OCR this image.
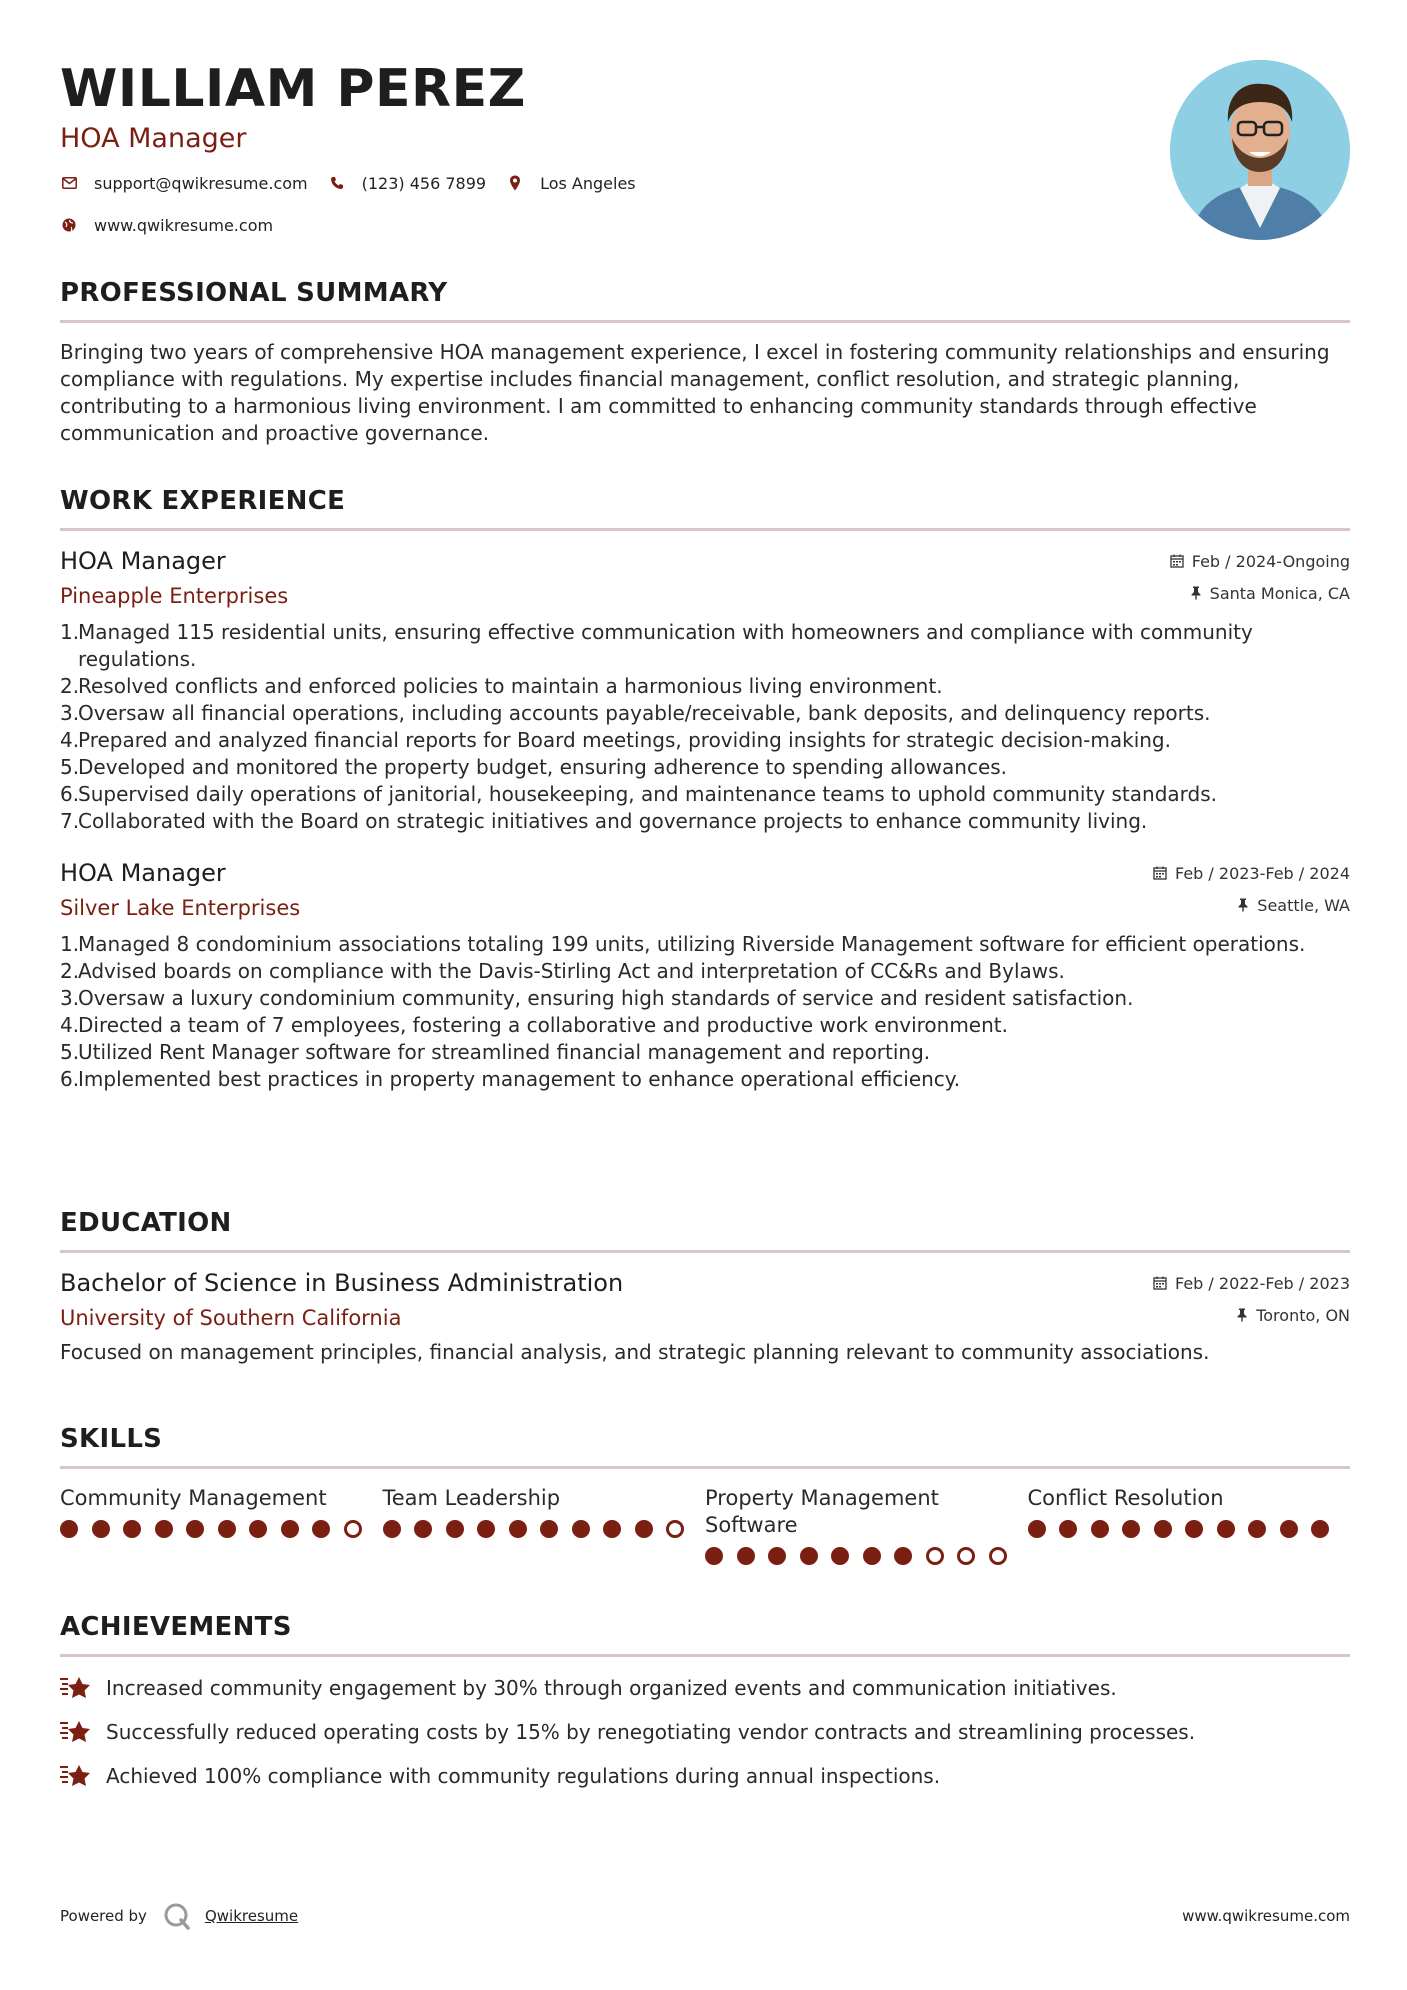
WILLIAM PEREZ
HOA Manager
support@qwikresume.com	(123) 456 7899	Los Angeles
www.qwikresume.com
PROFESSIONAL SUMMARY
Bringing two years of comprehensive HOA management experience, I excel in fostering community relationships and ensuring compliance with regulations. My expertise includes financial management, conflict resolution, and strategic planning, contributing to a harmonious living environment. I am committed to enhancing community standards through effective communication and proactive governance.
WORK EXPERIENCE
HOA Manager
Pineapple Enterprises
Feb / 2024-Ongoing
Santa Monica, CA
1.
Managed 115 residential units, ensuring effective communication with homeowners and compliance with community regulations.
2.
Resolved conflicts and enforced policies to maintain a harmonious living environment.
3.
Oversaw all financial operations, including accounts payable/receivable, bank deposits, and delinquency reports.
4.
Prepared and analyzed financial reports for Board meetings, providing insights for strategic decision-making.
5.
Developed and monitored the property budget, ensuring adherence to spending allowances.
6.
Supervised daily operations of janitorial, housekeeping, and maintenance teams to uphold community standards.
7.
Collaborated with the Board on strategic initiatives and governance projects to enhance community living.
HOA Manager
Silver Lake Enterprises
Feb / 2023-Feb / 2024
Seattle, WA
1.
Managed 8 condominium associations totaling 199 units, utilizing Riverside Management software for efficient operations.
2.
Advised boards on compliance with the Davis-Stirling Act and interpretation of CC&Rs and Bylaws.
3.
Oversaw a luxury condominium community, ensuring high standards of service and resident satisfaction.
4.
Directed a team of 7 employees, fostering a collaborative and productive work environment.
5.
Utilized Rent Manager software for streamlined financial management and reporting.
6.
Implemented best practices in property management to enhance operational efficiency.
EDUCATION
Bachelor of Science in Business Administration
University of Southern California
Feb / 2022-Feb / 2023
Toronto, ON
Focused on management principles, financial analysis, and strategic planning relevant to community associations.
SKILLS
Community Management	Team Leadership	Property Management Software
Conflict Resolution
ACHIEVEMENTS
Increased community engagement by 30% through organized events and communication initiatives.
Successfully reduced operating costs by 15% by renegotiating vendor contracts and streamlining processes.
Achieved 100% compliance with community regulations during annual inspections.
Powered by	Qwikresume	www.qwikresume.com
